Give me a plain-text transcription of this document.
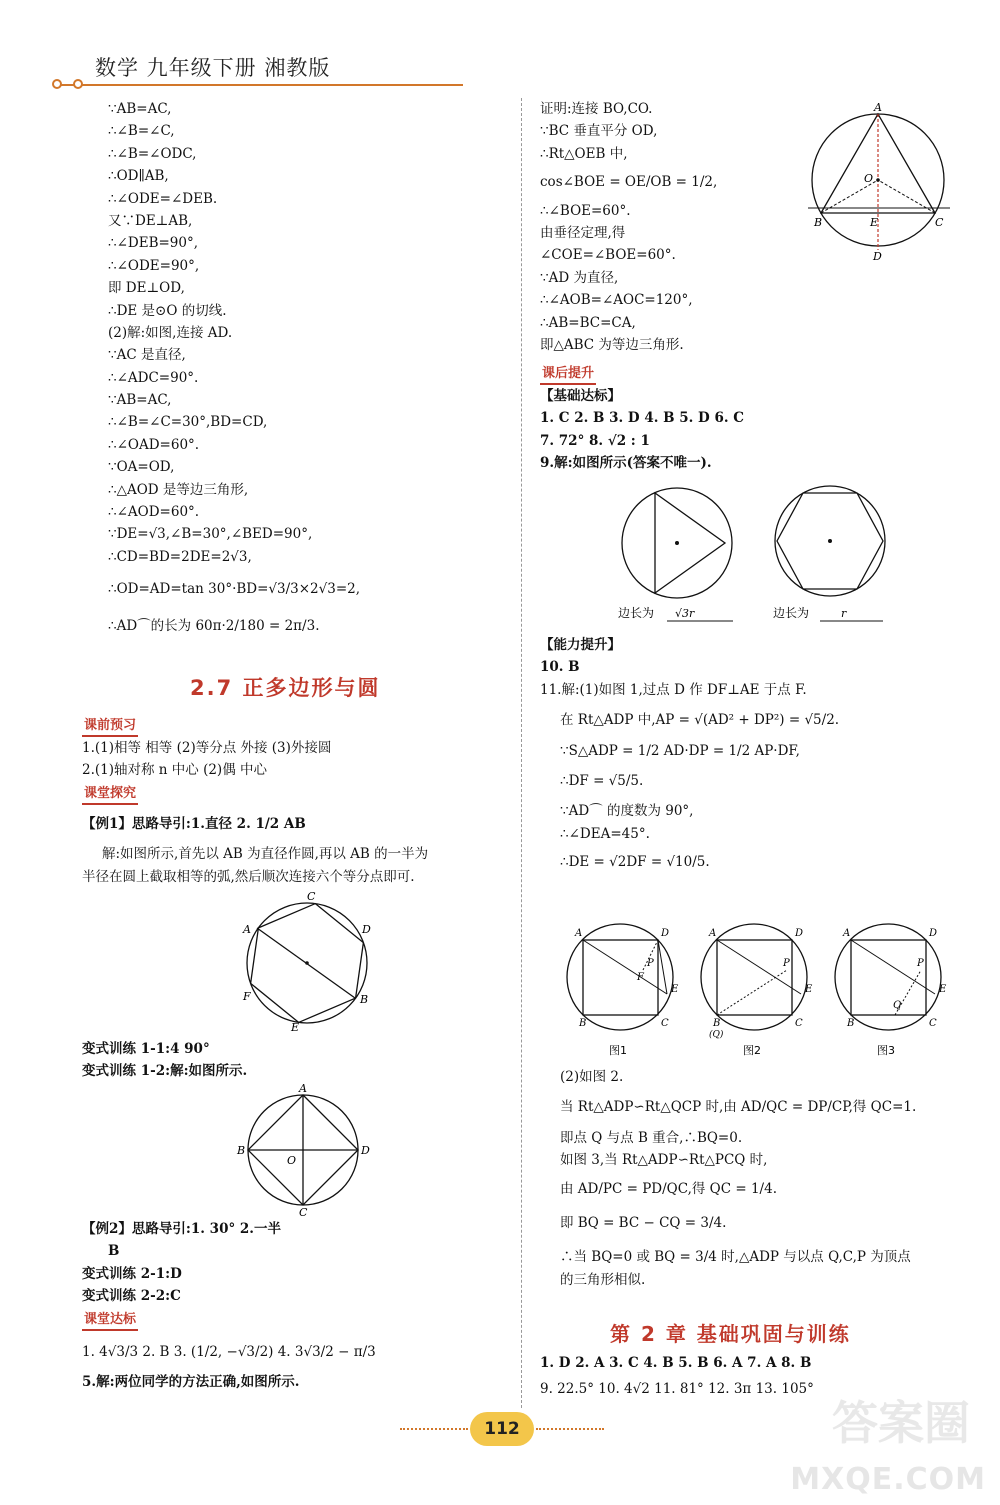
数学 九年级下册 湘教版
∵AB=AC,
∴∠B=∠C,
∴∠B=∠ODC,
∴OD∥AB,
∴∠ODE=∠DEB.
又∵DE⊥AB,
∴∠DEB=90°,
∴∠ODE=90°,
即 DE⊥OD,
∴DE 是⊙O 的切线.
(2)解:如图,连接 AD.
∵AC 是直径,
∴∠ADC=90°.
∵AB=AC,
∴∠B=∠C=30°,BD=CD,
∴∠OAD=60°.
∵OA=OD,
∴△AOD 是等边三角形,
∴∠AOD=60°.
∵DE=√3,∠B=30°,∠BED=90°,
∴CD=BD=2DE=2√3,
∴OD=AD=tan 30°·BD=√3/3×2√3=2,
∴AD⌒的长为 60π·2/180 = 2π/3.
2.7 正多边形与圆
课前预习
1.(1)相等 相等 (2)等分点 外接 (3)外接圆
2.(1)轴对称 n 中心 (2)偶 中心
课堂探究
【例1】思路导引:1.直径 2. 1/2 AB
解:如图所示,首先以 AB 为直径作圆,再以 AB 的一半为
半径在圆上截取相等的弧,然后顺次连接六个等分点即可.
A
B
C
D
E
F
变式训练 1-1:4 90°
变式训练 1-2:解:如图所示.
A
B
C
D
O
【例2】思路导引:1. 30° 2.一半
B
变式训练 2-1:D
变式训练 2-2:C
课堂达标
1. 4√3/3 2. B 3. (1/2, −√3/2) 4. 3√3/2 − π/3
5.解:两位同学的方法正确,如图所示.
证明:连接 BO,CO.
∵BC 垂直平分 OD,
∴Rt△OEB 中,
cos∠BOE = OE/OB = 1/2,
∴∠BOE=60°.
由垂径定理,得
∠COE=∠BOE=60°.
∵AD 为直径,
∴∠AOB=∠AOC=120°,
∴AB=BC=CA,
即△ABC 为等边三角形.
A
O
B	E	C
D
课后提升
【基础达标】
1. C 2. B 3. D 4. B 5. D 6. C
7. 72° 8. √2 : 1
9.解:如图所示(答案不唯一).
边长为 √3r	边长为	r
【能力提升】
10. B
11.解:(1)如图 1,过点 D 作 DF⊥AE 于点 F.
在 Rt△ADP 中,AP = √(AD² + DP²) = √5/2.
∵S△ADP = 1/2 AD·DP = 1/2 AP·DF,
∴DF = √5/5.
∵AD⌒ 的度数为 90°,
∴∠DEA=45°.
∴DE = √2DF = √10/5.
A	D
B	C
E
F
P
图1
A	D
B
(Q)
C
E
P
图2
A	D
B	C
E
P
Q
图3
(2)如图 2.
当 Rt△ADP∽Rt△QCP 时,由 AD/QC = DP/CP,得 QC=1.
即点 Q 与点 B 重合,∴BQ=0.
如图 3,当 Rt△ADP∽Rt△PCQ 时,
由 AD/PC = PD/QC,得 QC = 1/4.
即 BQ = BC − CQ = 3/4.
∴当 BQ=0 或 BQ = 3/4 时,△ADP 与以点 Q,C,P 为顶点
的三角形相似.
第 2 章 基础巩固与训练
1. D 2. A 3. C 4. B 5. B 6. A 7. A 8. B
9. 22.5° 10. 4√2 11. 81° 12. 3π 13. 105°
112	答案圈
MXQE.COM
